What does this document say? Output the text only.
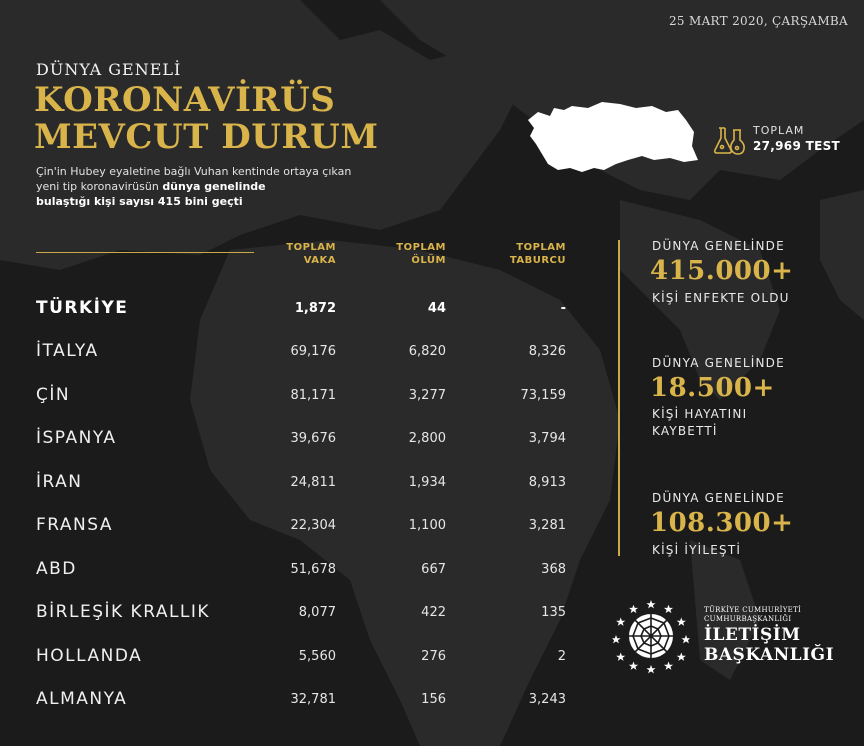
25 MART 2020, ÇARŞAMBA
DÜNYA GENELİ
KORONAVİRÜS
MEVCUT DURUM
Çin'in Hubey eyaletine bağlı Vuhan kentinde ortaya çıkan yeni tip koronavirüsün dünya genelinde
bulaştığı kişi sayısı 415 bini geçti
TOPLAM
27,969 TEST
TOPLAM
VAKA
TOPLAM
ÖLÜM
TOPLAM
TABURCU
TÜRKİYE	1,872	44	-
İTALYA	69,176	6,820	8,326
ÇİN	81,171	3,277	73,159
İSPANYA	39,676	2,800	3,794
İRAN	24,811	1,934	8,913
FRANSA	22,304	1,100	3,281
ABD	51,678	667	368
BİRLEŞİK KRALLIK	8,077	422	135
HOLLANDA	5,560	276	2
ALMANYA	32,781	156	3,243
DÜNYA GENELİNDE
415.000+
KİŞİ ENFEKTE OLDU
DÜNYA GENELİNDE
18.500+
KİŞİ HAYATINI
KAYBETTİ
DÜNYA GENELİNDE
108.300+
KİŞİ İYİLEŞTİ
TÜRKİYE CUMHURİYETİ
CUMHURBAŞKANLIĞI
İLETİŞİM
BAŞKANLIĞI
